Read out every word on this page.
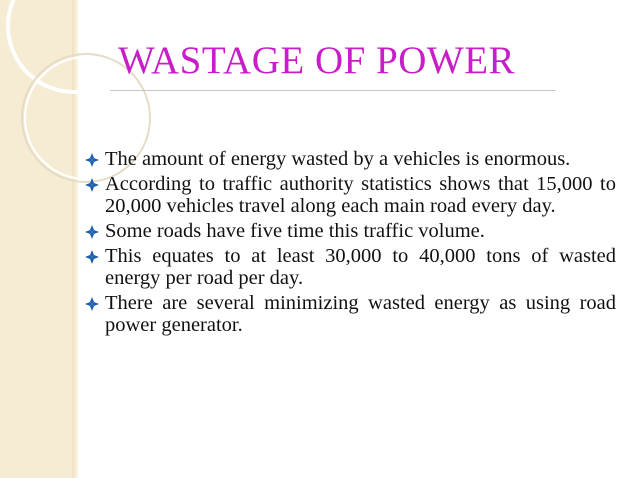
WASTAGE OF POWER
The amount of energy wasted by a vehicles is enormous.
According to traffic authority statistics shows that 15,000 to 20,000 vehicles travel along each main road every day.
Some roads have five time this traffic volume.
This equates to at least 30,000 to 40,000 tons of wasted energy per road per day.
There are several minimizing wasted energy as using road power generator.
